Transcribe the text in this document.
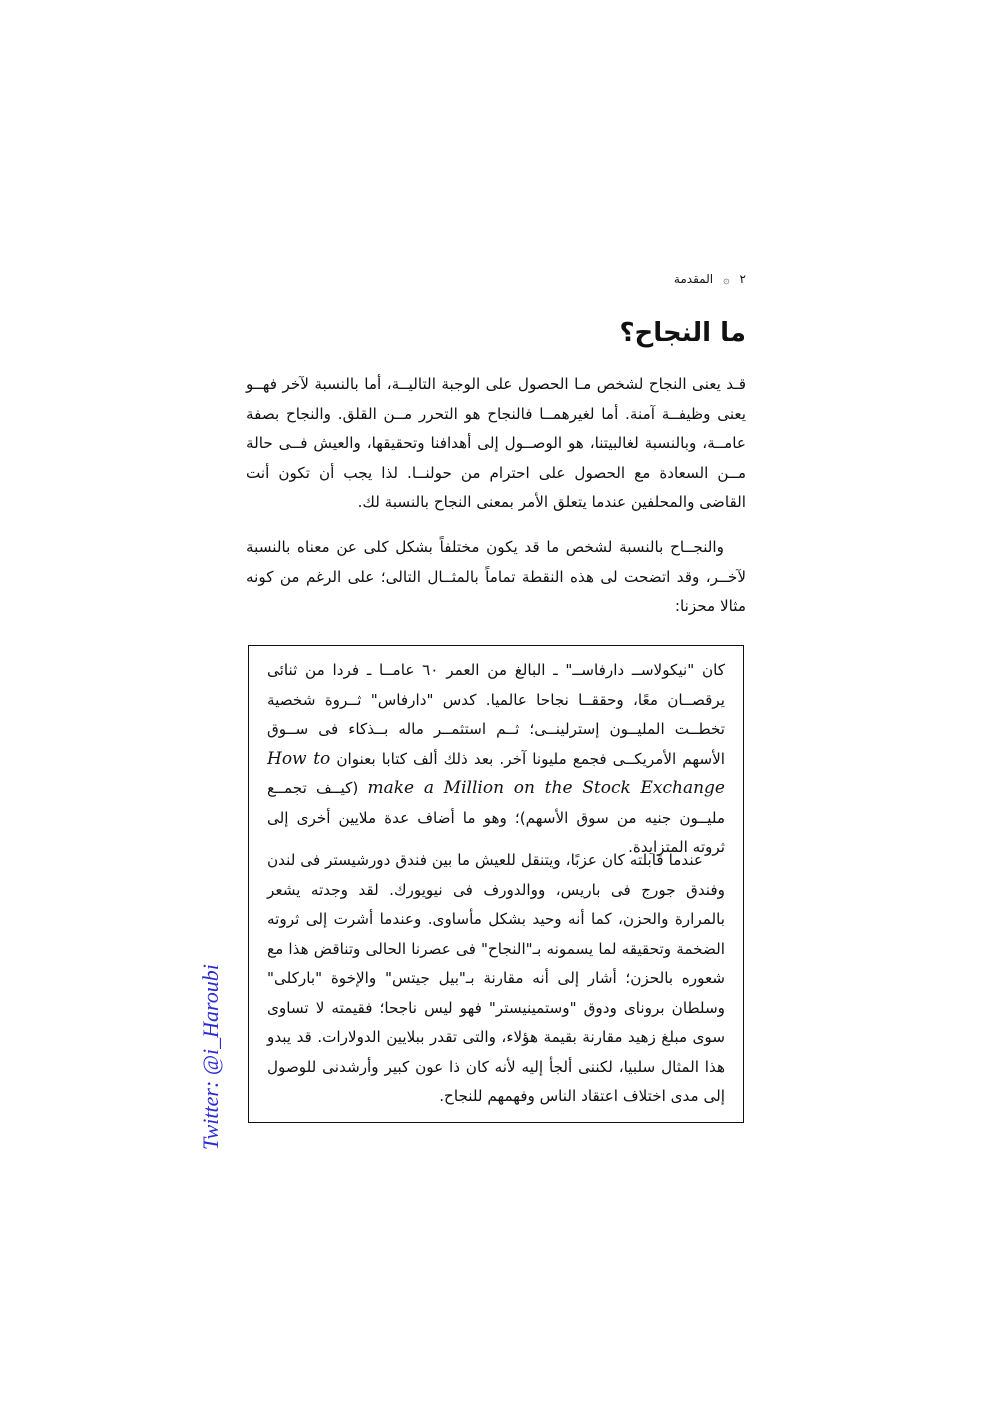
٢
۞
المقدمة
ما النجاح؟

قـد يعنى النجاح لشخص مـا الحصول على الوجبة التاليــة، أما بالنسبة لآخر فهــو يعنى وظيفــة آمنة. أما لغيرهمــا فالنجاح هو التحرر مــن القلق. والنجاح بصفة عامــة، وبالنسبة لغالبيتنا، هو الوصــول إلى أهدافنا وتحقيقها، والعيش فــى حالة مــن السعادة مع الحصول على احترام من حولنــا. لذا يجب أن تكون أنت القاضى والمحلفين عندما يتعلق الأمر بمعنى النجاح بالنسبة لك.

والنجــاح بالنسبة لشخص ما قد يكون مختلفاً بشكل كلى عن معناه بالنسبة لآخــر، وقد اتضحت لى هذه النقطة تماماً بالمثــال التالى؛ على الرغم من كونه مثالا محزنا:

كان "نيكولاســ دارفاســ" ـ البالغ من العمر ٦٠ عامــا ـ فردا من ثنائى يرقصــان معًا، وحققــا نجاحا عالميا. كدس "دارفاس" ثــروة شخصية تخطــت المليــون إسترلينــى؛ ثــم استثمــر ماله بــذكاء فى ســوق الأسهم الأمريكــى فجمع مليونا آخر. بعد ذلك ألف كتابا بعنوان How to make a Million on the Stock Exchange (كيــف تجمــع مليــون جنيه من سوق الأسهم)؛ وهو ما أضاف عدة ملايين أخرى إلى ثروته المتزايدة.

عندما قابلته كان عزبًا، ويتنقل للعيش ما بين فندق دورشيستر فى لندن وفندق جورج فى باريس، ووالدورف فى نيويورك. لقد وجدته يشعر بالمرارة والحزن، كما أنه وحيد بشكل مأساوى. وعندما أشرت إلى ثروته الضخمة وتحقيقه لما يسمونه بـ"النجاح" فى عصرنا الحالى وتناقض هذا مع شعوره بالحزن؛ أشار إلى أنه مقارنة بـ"بيل جيتس" والإخوة "باركلى" وسلطان بروناى ودوق "وستمينيستر" فهو ليس ناجحا؛ فقيمته لا تساوى سوى مبلغ زهيد مقارنة بقيمة هؤلاء، والتى تقدر ببلايين الدولارات. قد يبدو هذا المثال سلبيا، لكننى ألجأ إليه لأنه كان ذا عون كبير وأرشدنى للوصول إلى مدى اختلاف اعتقاد الناس وفهمهم للنجاح.

Twitter: @i_Haroubi
